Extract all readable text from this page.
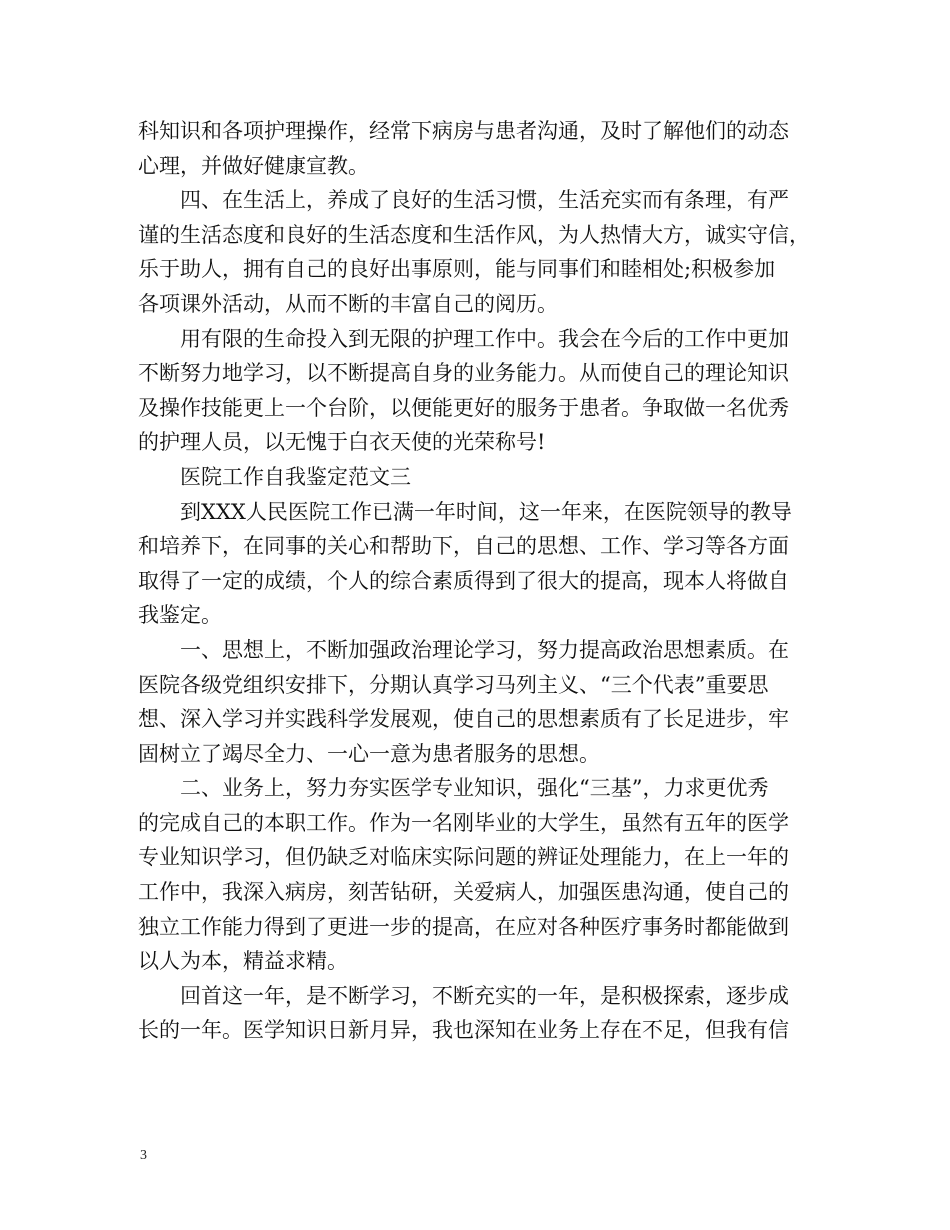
科知识和各项护理操作，经常下病房与患者沟通，及时了解他们的动态
心理，并做好健康宣教。
四、在生活上，养成了良好的生活习惯，生活充实而有条理，有严
谨的生活态度和良好的生活态度和生活作风，为人热情大方，诚实守信，
乐于助人，拥有自己的良好出事原则，能与同事们和睦相处;积极参加
各项课外活动，从而不断的丰富自己的阅历。
用有限的生命投入到无限的护理工作中。我会在今后的工作中更加
不断努力地学习，以不断提高自身的业务能力。从而使自己的理论知识
及操作技能更上一个台阶，以便能更好的服务于患者。争取做一名优秀
的护理人员，以无愧于白衣天使的光荣称号!
医院工作自我鉴定范文三
到XXX人民医院工作已满一年时间，这一年来，在医院领导的教导
和培养下，在同事的关心和帮助下，自己的思想、工作、学习等各方面
取得了一定的成绩，个人的综合素质得到了很大的提高，现本人将做自
我鉴定。
一、思想上，不断加强政治理论学习，努力提高政治思想素质。在
医院各级党组织安排下，分期认真学习马列主义、“三个代表”重要思
想、深入学习并实践科学发展观，使自己的思想素质有了长足进步，牢
固树立了竭尽全力、一心一意为患者服务的思想。
二、业务上，努力夯实医学专业知识，强化“三基”，力求更优秀
的完成自己的本职工作。作为一名刚毕业的大学生，虽然有五年的医学
专业知识学习，但仍缺乏对临床实际问题的辨证处理能力，在上一年的
工作中，我深入病房，刻苦钻研，关爱病人，加强医患沟通，使自己的
独立工作能力得到了更进一步的提高，在应对各种医疗事务时都能做到
以人为本，精益求精。
回首这一年，是不断学习，不断充实的一年，是积极探索，逐步成
长的一年。医学知识日新月异，我也深知在业务上存在不足，但我有信
3
